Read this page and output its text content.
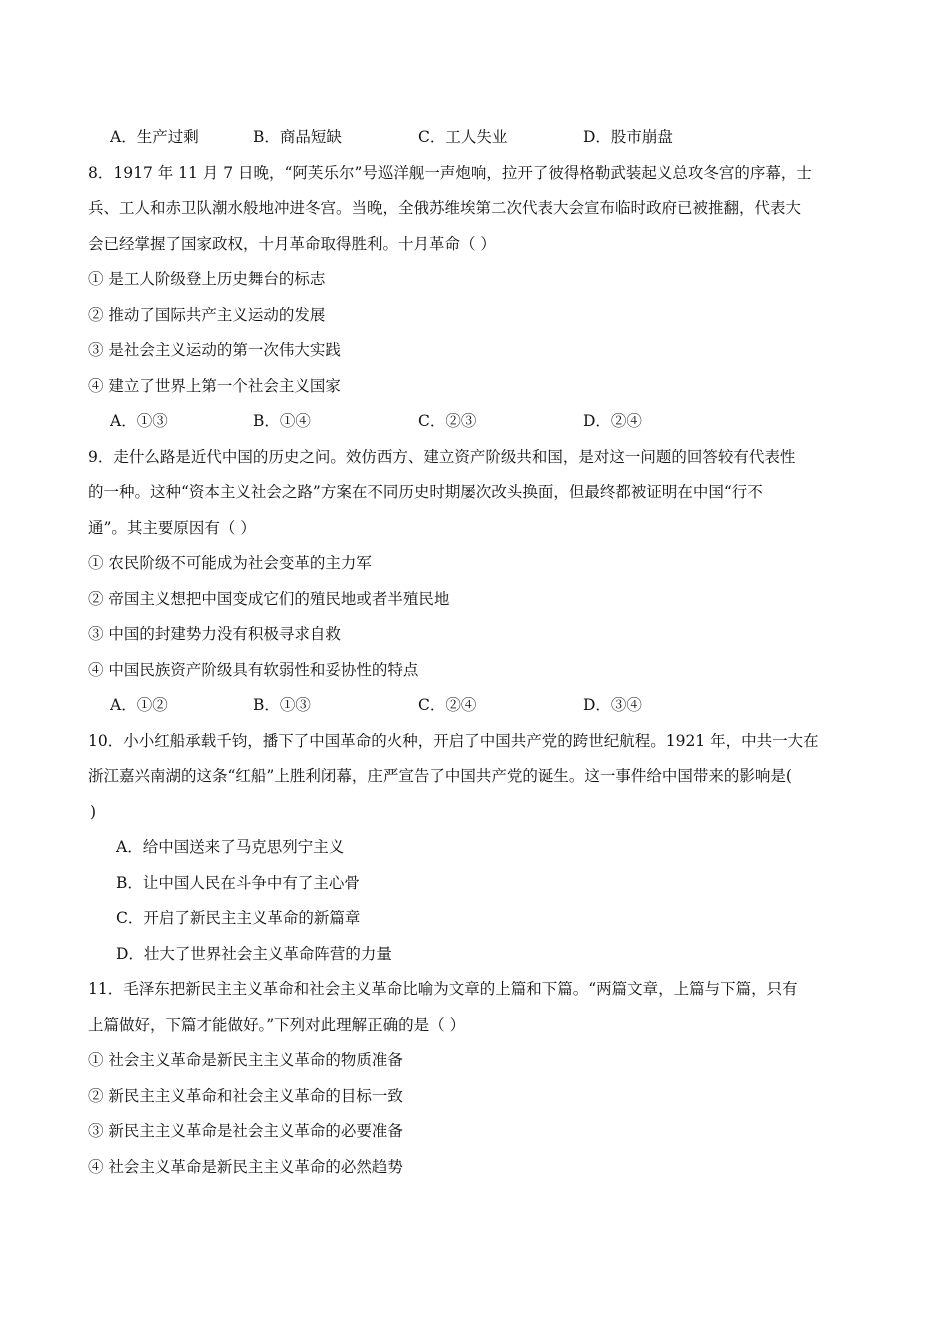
A．生产过剩	B．商品短缺	C．工人失业	D．股市崩盘
8．1917 年 11 月 7 日晚，“阿芙乐尔”号巡洋舰一声炮响，拉开了彼得格勒武装起义总攻冬宫的序幕，士
兵、工人和赤卫队潮水般地冲进冬宫。当晚，全俄苏维埃第二次代表大会宣布临时政府已被推翻，代表大
会已经掌握了国家政权，十月革命取得胜利。十月革命（ ）
① 是工人阶级登上历史舞台的标志
② 推动了国际共产主义运动的发展
③ 是社会主义运动的第一次伟大实践
④ 建立了世界上第一个社会主义国家
A．①③	B．①④	C．②③	D．②④
9．走什么路是近代中国的历史之问。效仿西方、建立资产阶级共和国，是对这一问题的回答较有代表性
的一种。这种“资本主义社会之路”方案在不同历史时期屡次改头换面，但最终都被证明在中国“行不
通”。其主要原因有（ ）
① 农民阶级不可能成为社会变革的主力军
② 帝国主义想把中国变成它们的殖民地或者半殖民地
③ 中国的封建势力没有积极寻求自救
④ 中国民族资产阶级具有软弱性和妥协性的特点
A．①②	B．①③	C．②④	D．③④
10．小小红船承载千钧，播下了中国革命的火种，开启了中国共产党的跨世纪航程。1921 年，中共一大在
浙江嘉兴南湖的这条“红船”上胜利闭幕，庄严宣告了中国共产党的诞生。这一事件给中国带来的影响是(
)
A．给中国送来了马克思列宁主义
B．让中国人民在斗争中有了主心骨
C．开启了新民主主义革命的新篇章
D．壮大了世界社会主义革命阵营的力量
11．毛泽东把新民主主义革命和社会主义革命比喻为文章的上篇和下篇。“两篇文章，上篇与下篇，只有
上篇做好，下篇才能做好。”下列对此理解正确的是（ ）
① 社会主义革命是新民主主义革命的物质准备
② 新民主主义革命和社会主义革命的目标一致
③ 新民主主义革命是社会主义革命的必要准备
④ 社会主义革命是新民主主义革命的必然趋势
